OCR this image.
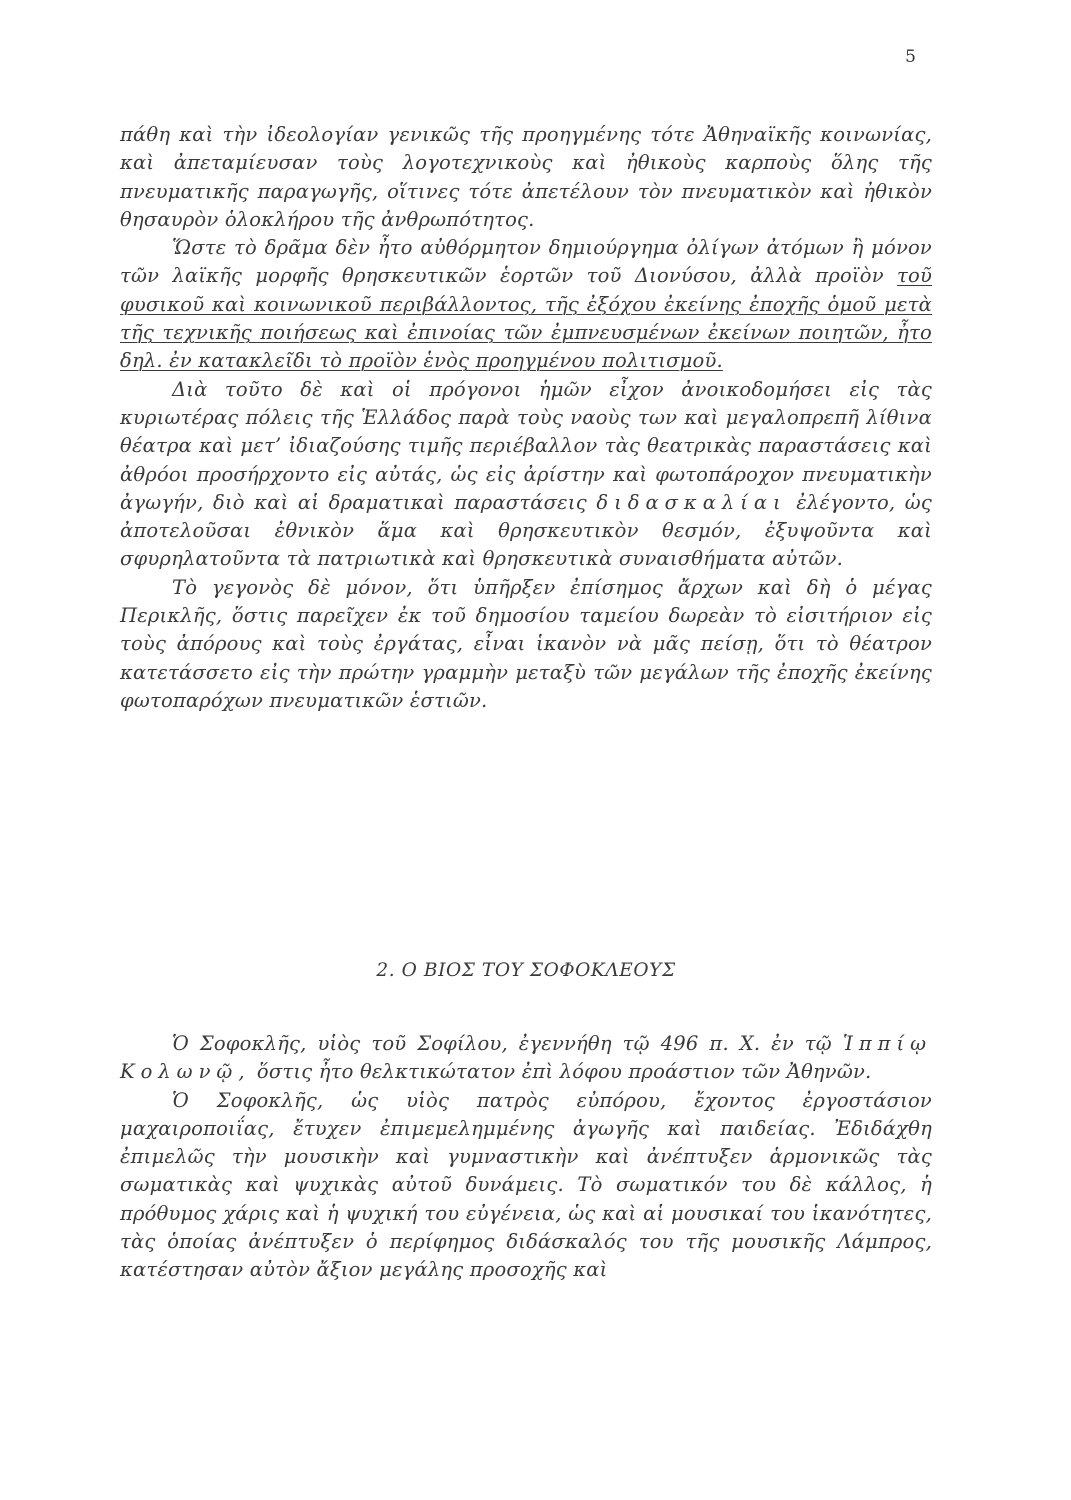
5

πάθη καὶ τὴν ἰδεολογίαν γενικῶς τῆς προηγμένης τότε Ἀθηναϊκῆς κοινωνίας, καὶ ἀπεταμίευσαν τοὺς λογοτεχνικοὺς καὶ ἠθικοὺς καρποὺς ὅλης τῆς πνευματικῆς παραγωγῆς, οἵτινες τότε ἀπετέλουν τὸν πνευματικὸν καὶ ἠθικὸν θησαυρὸν ὁλοκλήρου τῆς ἀνθρωπότητος.

Ὥστε τὸ δρᾶμα δὲν ἦτο αὐθόρμητον δημιούργημα ὀλίγων ἀτόμων ἢ μόνον τῶν λαϊκῆς μορφῆς θρησκευτικῶν ἑορτῶν τοῦ Διονύσου, ἀλλὰ προϊὸν τοῦ φυσικοῦ καὶ κοινωνικοῦ περιβάλλοντος, τῆς ἐξόχου ἐκείνης ἐποχῆς ὁμοῦ μετὰ τῆς τεχνικῆς ποιήσεως καὶ ἐπινοίας τῶν ἐμπνευσμένων ἐκείνων ποιητῶν, ἦτο δηλ. ἐν κατακλεῖδι τὸ προϊὸν ἑνὸς προηγμένου πολιτισμοῦ.

Διὰ τοῦτο δὲ καὶ οἱ πρόγονοι ἡμῶν εἶχον ἀνοικοδομήσει εἰς τὰς κυριωτέρας πόλεις τῆς Ἑλλάδος παρὰ τοὺς ναοὺς των καὶ μεγαλοπρεπῆ λίθινα θέατρα καὶ μετ’ ἰδιαζούσης τιμῆς περιέβαλλον τὰς θεατρικὰς παραστάσεις καὶ ἀθρόοι προσήρχοντο εἰς αὐτάς, ὡς εἰς ἀρίστην καὶ φωτοπάροχον πνευματικὴν ἀγωγήν, διὸ καὶ αἱ δραματικαὶ παραστάσεις διδασκαλίαι ἐλέγοντο, ὡς ἀποτελοῦσαι ἐθνικὸν ἅμα καὶ θρησκευτικὸν θεσμόν, ἐξυψοῦντα καὶ σφυρηλατοῦντα τὰ πατριωτικὰ καὶ θρησκευτικὰ συναισθήματα αὐτῶν.

Τὸ γεγονὸς δὲ μόνον, ὅτι ὑπῆρξεν ἐπίσημος ἄρχων καὶ δὴ ὁ μέγας Περικλῆς, ὅστις παρεῖχεν ἐκ τοῦ δημοσίου ταμείου δωρεὰν τὸ εἰσιτήριον εἰς τοὺς ἀπόρους καὶ τοὺς ἐργάτας, εἶναι ἱκανὸν νὰ μᾶς πείσῃ, ὅτι τὸ θέατρον κατετάσσετο εἰς τὴν πρώτην γραμμὴν μεταξὺ τῶν μεγάλων τῆς ἐποχῆς ἐκείνης φωτοπαρόχων πνευματικῶν ἑστιῶν.

2. Ο ΒΙΟΣ ΤΟΥ ΣΟΦΟΚΛΕΟΥΣ

Ὁ Σοφοκλῆς, υἱὸς τοῦ Σοφίλου, ἐγεννήθη τῷ 496 π. Χ. ἐν τῷ Ἱππίῳ Κολωνῷ, ὅστις ἦτο θελκτικώτατον ἐπὶ λόφου προάστιον τῶν Ἀθηνῶν.

Ὁ Σοφοκλῆς, ὡς υἱὸς πατρὸς εὐπόρου, ἔχοντος ἐργοστάσιον μαχαιροποιΐας, ἔτυχεν ἐπιμεμελημμένης ἀγωγῆς καὶ παιδείας. Ἐδιδάχθη ἐπιμελῶς τὴν μουσικὴν καὶ γυμναστικὴν καὶ ἀνέπτυξεν ἁρμονικῶς τὰς σωματικὰς καὶ ψυχικὰς αὐτοῦ δυνάμεις. Τὸ σωματικόν του δὲ κάλλος, ἡ πρόθυμος χάρις καὶ ἡ ψυχική του εὐγένεια, ὡς καὶ αἱ μουσικαί του ἱκανότητες, τὰς ὁποίας ἀνέπτυξεν ὁ περίφημος διδάσκαλός του τῆς μουσικῆς Λάμπρος, κατέστησαν αὐτὸν ἄξιον μεγάλης προσοχῆς καὶ
